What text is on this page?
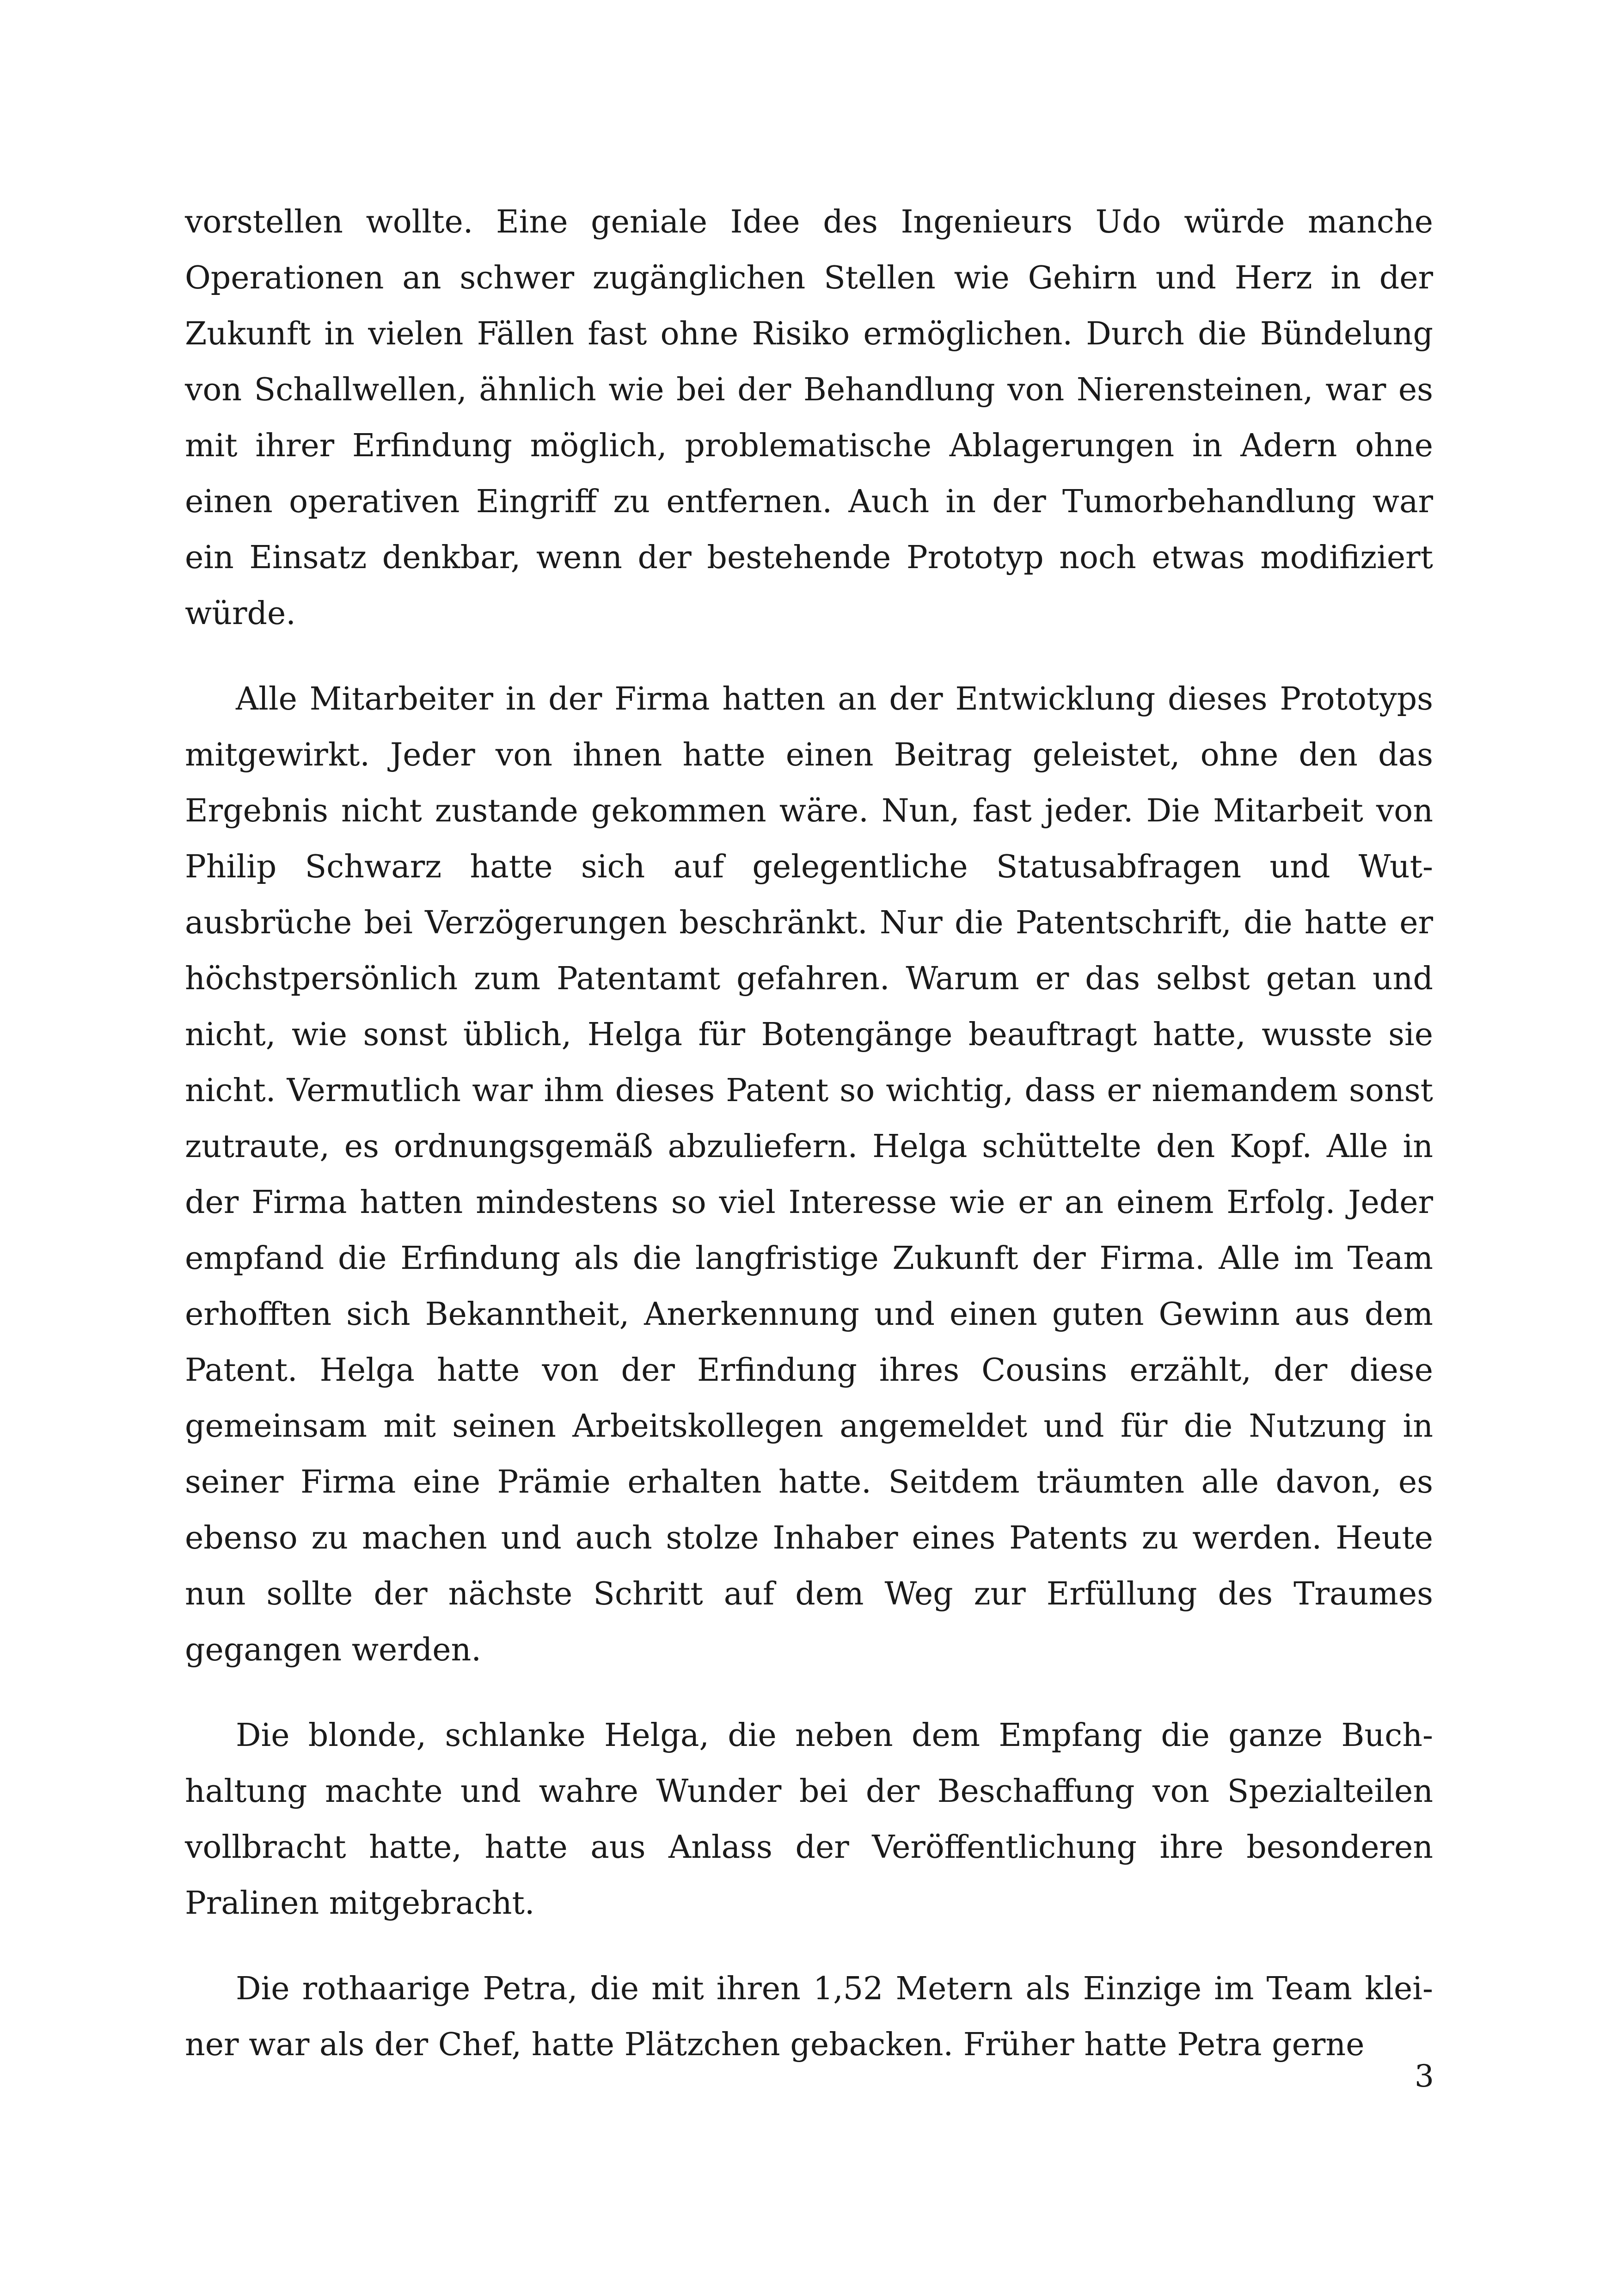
vorstellen wollte. Eine geniale Idee des Ingenieurs Udo würde manche Operationen an schwer zugänglichen Stellen wie Gehirn und Herz in der Zukunft in vielen Fällen fast ohne Risiko ermöglichen. Durch die Bündelung von Schallwellen, ähnlich wie bei der Behandlung von Nierensteinen, war es mit ihrer Erfindung möglich, problematische Ablagerungen in Adern ohne einen operativen Eingriff zu entfernen. Auch in der Tumorbehandlung war ein Einsatz denkbar, wenn der bestehende Prototyp noch etwas modifiziert würde.

Alle Mitarbeiter in der Firma hatten an der Entwicklung dieses Prototyps mitgewirkt. Jeder von ihnen hatte einen Beitrag geleistet, ohne den das Ergebnis nicht zustande gekommen wäre. Nun, fast jeder. Die Mitarbeit von Philip Schwarz hatte sich auf gelegentliche Statusabfragen und Wutausbrüche bei Verzögerungen beschränkt. Nur die Patentschrift, die hatte er höchstpersönlich zum Patentamt gefahren. Warum er das selbst getan und nicht, wie sonst üblich, Helga für Botengänge beauftragt hatte, wusste sie nicht. Vermutlich war ihm dieses Patent so wichtig, dass er niemandem sonst zutraute, es ordnungsgemäß abzuliefern. Helga schüttelte den Kopf. Alle in der Firma hatten mindestens so viel Interesse wie er an einem Erfolg. Jeder empfand die Erfindung als die langfristige Zukunft der Firma. Alle im Team erhofften sich Bekanntheit, Anerkennung und einen guten Gewinn aus dem Patent. Helga hatte von der Erfindung ihres Cousins erzählt, der diese gemeinsam mit seinen Arbeitskollegen angemeldet und für die Nutzung in seiner Firma eine Prämie erhalten hatte. Seitdem träumten alle davon, es ebenso zu machen und auch stolze Inhaber eines Patents zu werden. Heute nun sollte der nächste Schritt auf dem Weg zur Erfüllung des Traumes gegangen werden.

Die blonde, schlanke Helga, die neben dem Empfang die ganze Buchhaltung machte und wahre Wunder bei der Beschaffung von Spezialteilen vollbracht hatte, hatte aus Anlass der Veröffentlichung ihre besonderen Pralinen mitgebracht.

Die rothaarige Petra, die mit ihren 1,52 Metern als Einzige im Team kleiner war als der Chef, hatte Plätzchen gebacken. Früher hatte Petra gerne

3
